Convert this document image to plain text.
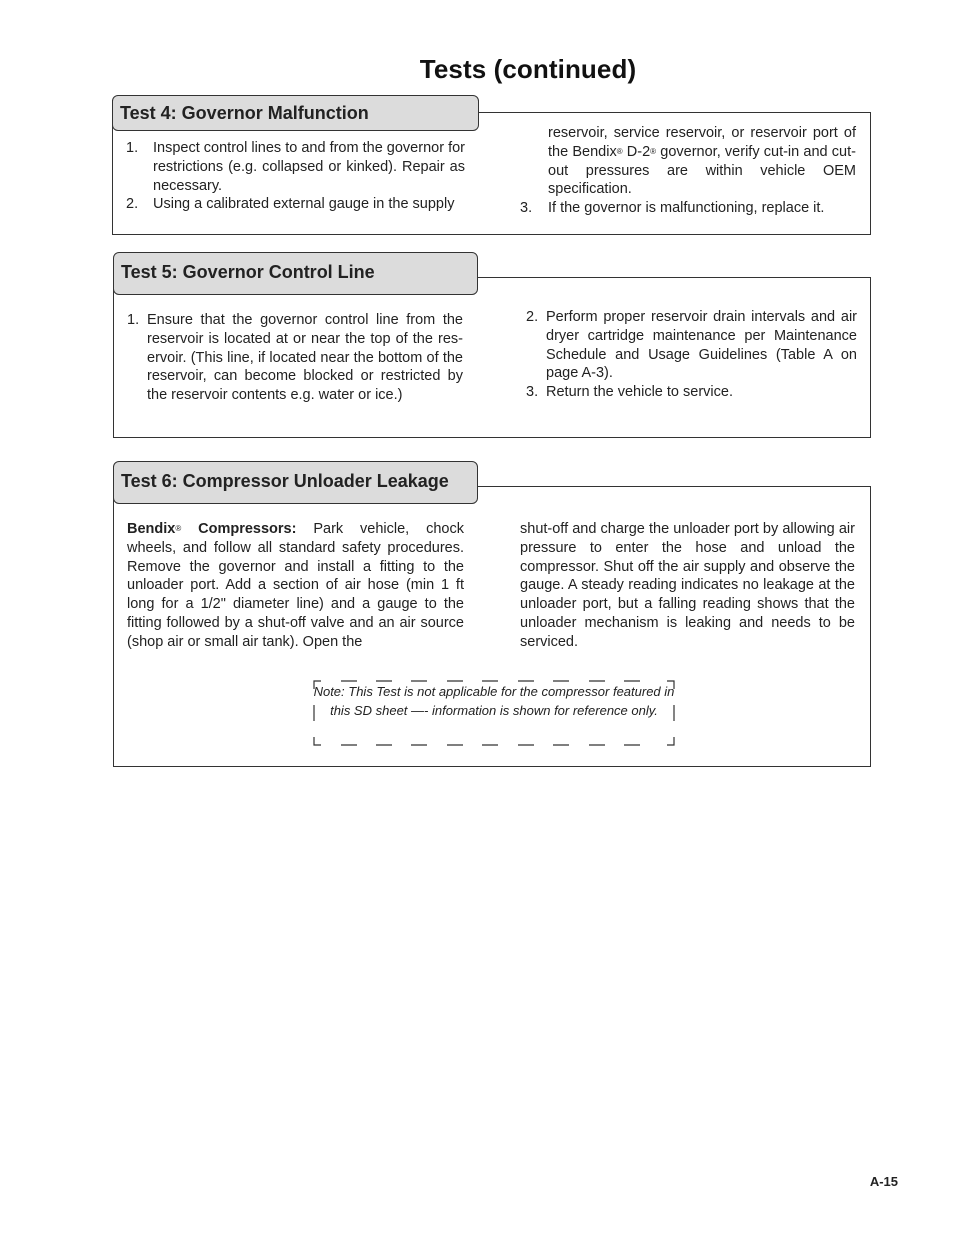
Tests (continued)
Test 4: Governor Malfunction
1. Inspect control lines to and from the governor for restrictions (e.g. collapsed or kinked). Repair as necessary.
2. Using a calibrated external gauge in the supply
reservoir, service reservoir, or reservoir port of the Bendix® D-2® governor, verify cut-in and cut-out pressures are within vehicle OEM specification.
3. If the governor is malfunctioning, replace it.
Test 5: Governor Control Line
1. Ensure that the governor control line from the reservoir is located at or near the top of the res-ervoir. (This line, if located near the bottom of the reservoir, can become blocked or restricted by the reservoir contents e.g. water or ice.)
2. Perform proper reservoir drain intervals and air dryer cartridge maintenance per Maintenance Schedule and Usage Guidelines (Table A on page A-3).
3. Return the vehicle to service.
Test 6: Compressor Unloader Leakage
Bendix® Compressors: Park vehicle, chock wheels, and follow all standard safety procedures. Remove the governor and install a fitting to the unloader port. Add a section of air hose (min 1 ft long for a 1/2" diameter line) and a gauge to the fitting followed by a shut-off valve and an air source (shop air or small air tank). Open the
shut-off and charge the unloader port by allowing air pressure to enter the hose and unload the compressor. Shut off the air supply and observe the gauge. A steady reading indicates no leakage at the unloader port, but a falling reading shows that the unloader mechanism is leaking and needs to be serviced.
Note: This Test is not applicable for the compressor featured in this SD sheet —- information is shown for reference only.
A-15
